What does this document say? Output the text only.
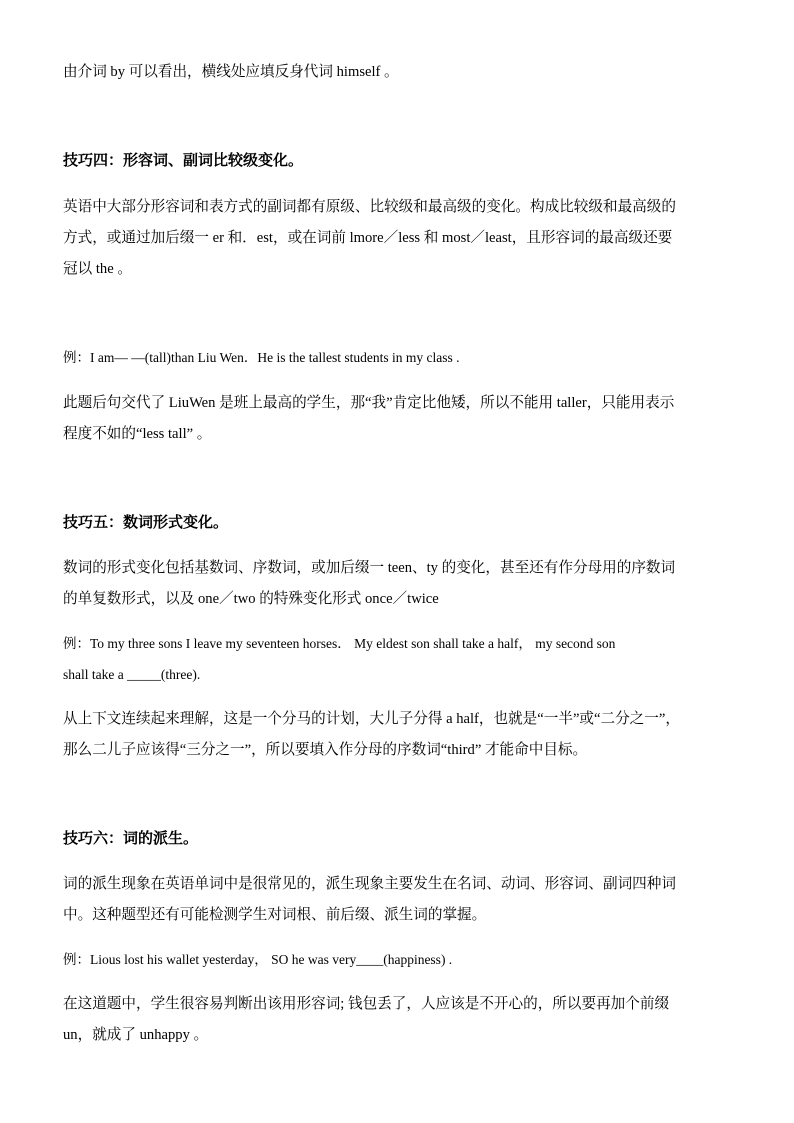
由介词 by 可以看出，横线处应填反身代词 himself 。
技巧四：形容词、副词比较级变化。
英语中大部分形容词和表方式的副词都有原级、比较级和最高级的变化。构成比较级和最高级的
方式，或通过加后缀一 er 和．est，或在词前 lmore／less 和 most／least，且形容词的最高级还要
冠以 the 。
例：I am— —(tall)than Liu Wen．He is the tallest students in my class .
此题后句交代了 LiuWen 是班上最高的学生，那“我”肯定比他矮，所以不能用 taller，只能用表示
程度不如的“less tall” 。
技巧五：数词形式变化。
数词的形式变化包括基数词、序数词，或加后缀一 teen、ty 的变化，甚至还有作分母用的序数词
的单复数形式，以及 one／two 的特殊变化形式 once／twice
例：To my three sons I leave my seventeen horses． My eldest son shall take a half， my second son
shall take a _____(three).
从上下文连续起来理解，这是一个分马的计划，大儿子分得 a half，也就是“一半”或“二分之一”，
那么二儿子应该得“三分之一”，所以要填入作分母的序数词“third” 才能命中目标。
技巧六：词的派生。
词的派生现象在英语单词中是很常见的，派生现象主要发生在名词、动词、形容词、副词四种词
中。这种题型还有可能检测学生对词根、前后缀、派生词的掌握。
例：Lious lost his wallet yesterday， SO he was very____(happiness) .
在这道题中，学生很容易判断出该用形容词; 钱包丢了，人应该是不开心的，所以要再加个前缀
un，就成了 unhappy 。
